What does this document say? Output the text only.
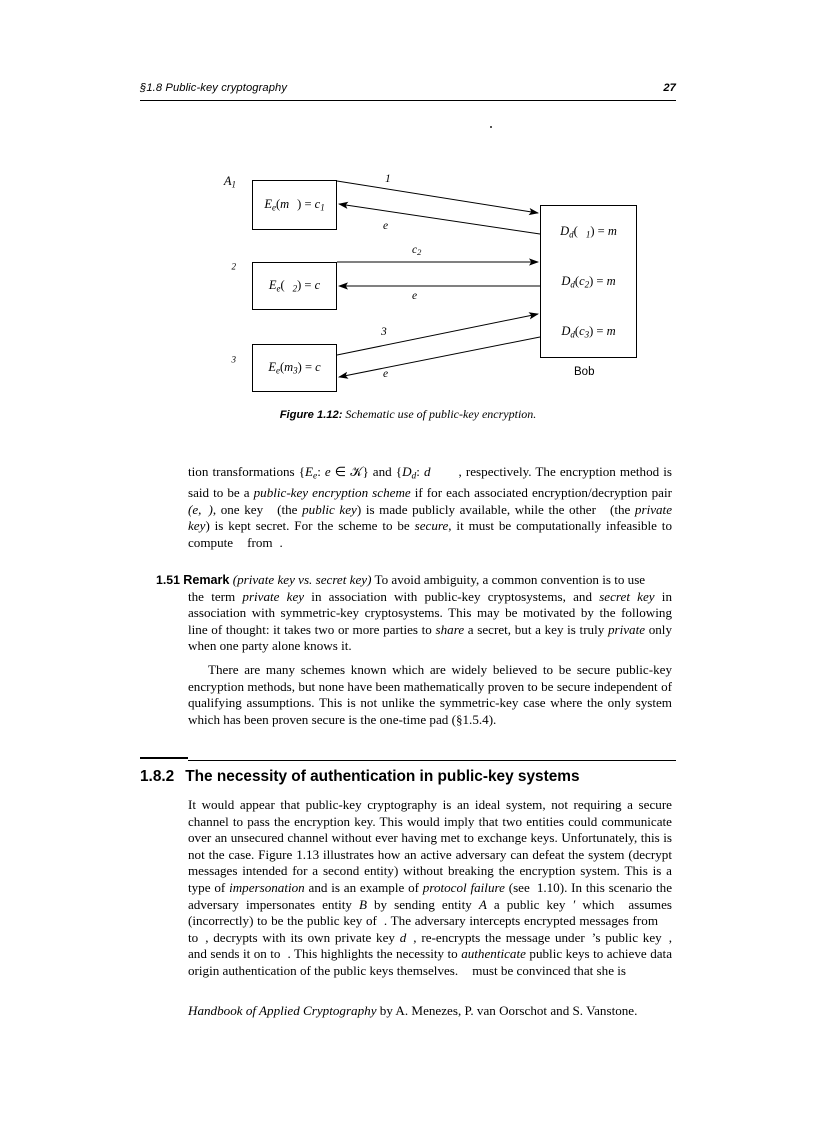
§1.8 Public-key cryptography	27
$A_1$
$E_e(m$ ) = $c_1$
$_2$
$E_e$( $_2$) = c
$_3$
$E_e(m_3) = c$
$D_d$( $_1$) = m
$D_d(c_2) = m$
$D_d(c_3) = m$
Bob
1
e
$c_2$
e
3
e
Figure 1.12: Schematic use of public-key encryption.

tion transformations {$E_e$: e ∈ 𝒦} and {$D_d$: d , respectively. The encryption method is said to be a public-key encryption scheme if for each associated encryption/decryption pair (e, ), one key (the public key) is made publicly available, while the other (the private key) is kept secret. For the scheme to be secure, it must be computationally infeasible to compute from .

1.51 Remark (private key vs. secret key) To avoid ambiguity, a common convention is to use
the term private key in association with public-key cryptosystems, and secret key in association with symmetric-key cryptosystems. This may be motivated by the following line of thought: it takes two or more parties to share a secret, but a key is truly private only when one party alone knows it.

There are many schemes known which are widely believed to be secure public-key encryption methods, but none have been mathematically proven to be secure independent of qualifying assumptions. This is not unlike the symmetric-key case where the only system which has been proven secure is the one-time pad (§1.5.4).

1.8.2 The necessity of authentication in public-key systems

It would appear that public-key cryptography is an ideal system, not requiring a secure channel to pass the encryption key. This would imply that two entities could communicate over an unsecured channel without ever having met to exchange keys. Unfortunately, this is not the case. Figure 1.13 illustrates how an active adversary can defeat the system (decrypt messages intended for a second entity) without breaking the encryption system. This is a type of impersonation and is an example of protocol failure (see 1.10). In this scenario the adversary impersonates entity B by sending entity A a public key ′ which assumes (incorrectly) to be the public key of . The adversary intercepts encrypted messages fromto , decrypts with its own private key d , re-encrypts the message under ’s public key , and sends it on to . This highlights the necessity to authenticate public keys to achieve data origin authentication of the public keys themselves. must be convinced that she is

Handbook of Applied Cryptography by A. Menezes, P. van Oorschot and S. Vanstone.
